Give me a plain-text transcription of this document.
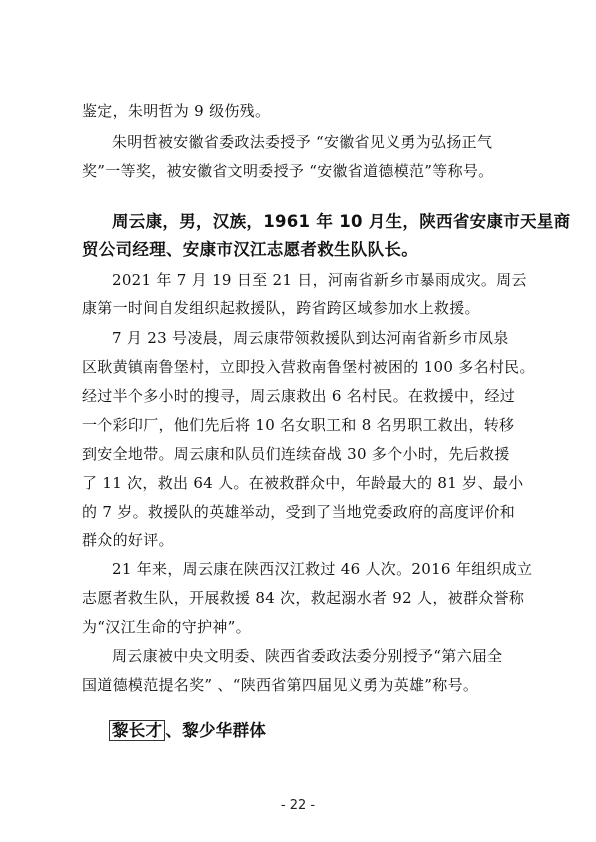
鉴定，朱明哲为 9 级伤残。
朱明哲被安徽省委政法委授予 “安徽省见义勇为弘扬正气
奖”一等奖，被安徽省文明委授予 “安徽省道德模范”等称号。
周云康，男，汉族，1961 年 10 月生，陕西省安康市天星商
贸公司经理、安康市汉江志愿者救生队队长。
2021 年 7 月 19 日至 21 日，河南省新乡市暴雨成灾。周云
康第一时间自发组织起救援队，跨省跨区域参加水上救援。
7 月 23 号凌晨，周云康带领救援队到达河南省新乡市凤泉
区耿黄镇南鲁堡村，立即投入营救南鲁堡村被困的 100 多名村民。
经过半个多小时的搜寻，周云康救出 6 名村民。在救援中，经过
一个彩印厂，他们先后将 10 名女职工和 8 名男职工救出，转移
到安全地带。周云康和队员们连续奋战 30 多个小时，先后救援
了 11 次，救出 64 人。在被救群众中，年龄最大的 81 岁、最小
的 7 岁。救援队的英雄举动，受到了当地党委政府的高度评价和
群众的好评。
21 年来，周云康在陕西汉江救过 46 人次。2016 年组织成立
志愿者救生队，开展救援 84 次，救起溺水者 92 人，被群众誉称
为“汉江生命的守护神”。
周云康被中央文明委、陕西省委政法委分别授予“第六届全
国道德模范提名奖” 、“陕西省第四届见义勇为英雄”称号。
黎长才 、黎少华群体
- 22 -
